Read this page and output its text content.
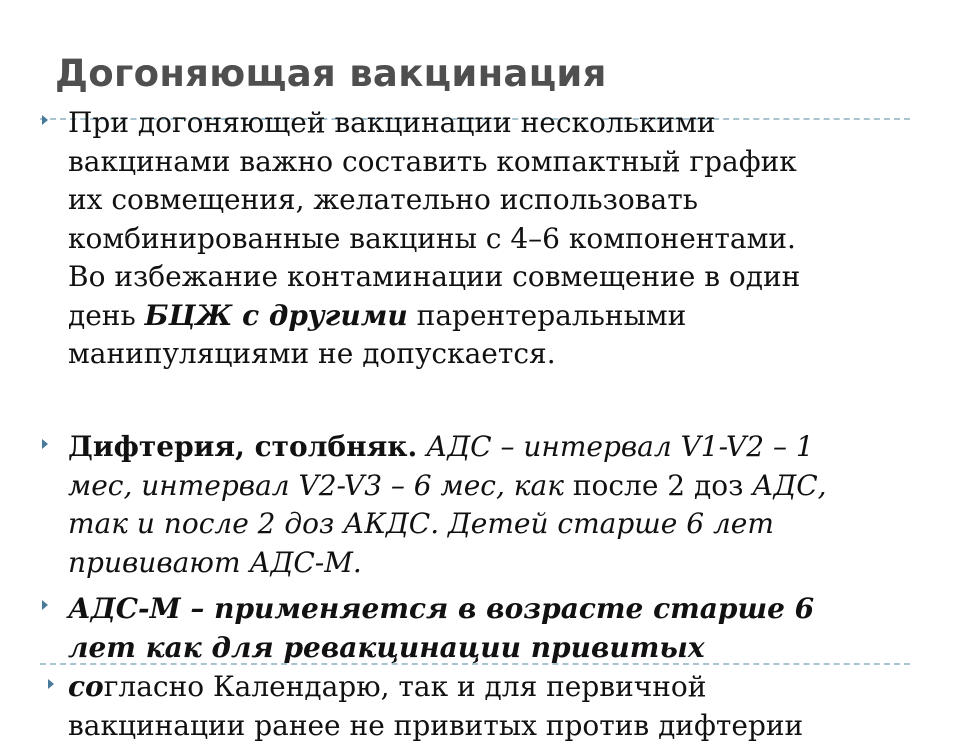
Догоняющая вакцинация
При догоняющей вакцинации несколькими
вакцинами важно составить компактный график
их совмещения, желательно использовать
комбинированные вакцины с 4–6 компонентами.
Во избежание контаминации совмещение в один
день БЦЖ с другими парентеральными
манипуляциями не допускается.
Дифтерия, столбняк. АДС – интервал V1-V2 – 1
мес, интервал V2-V3 – 6 мес, как после 2 доз АДС,
так и после 2 доз АКДС. Детей старше 6 лет
прививают АДС-М.
АДС-М – применяется в возрасте старше 6
лет как для ревакцинации привитых
согласно Календарю, так и для первичной
вакцинации ранее не привитых против дифтерии
